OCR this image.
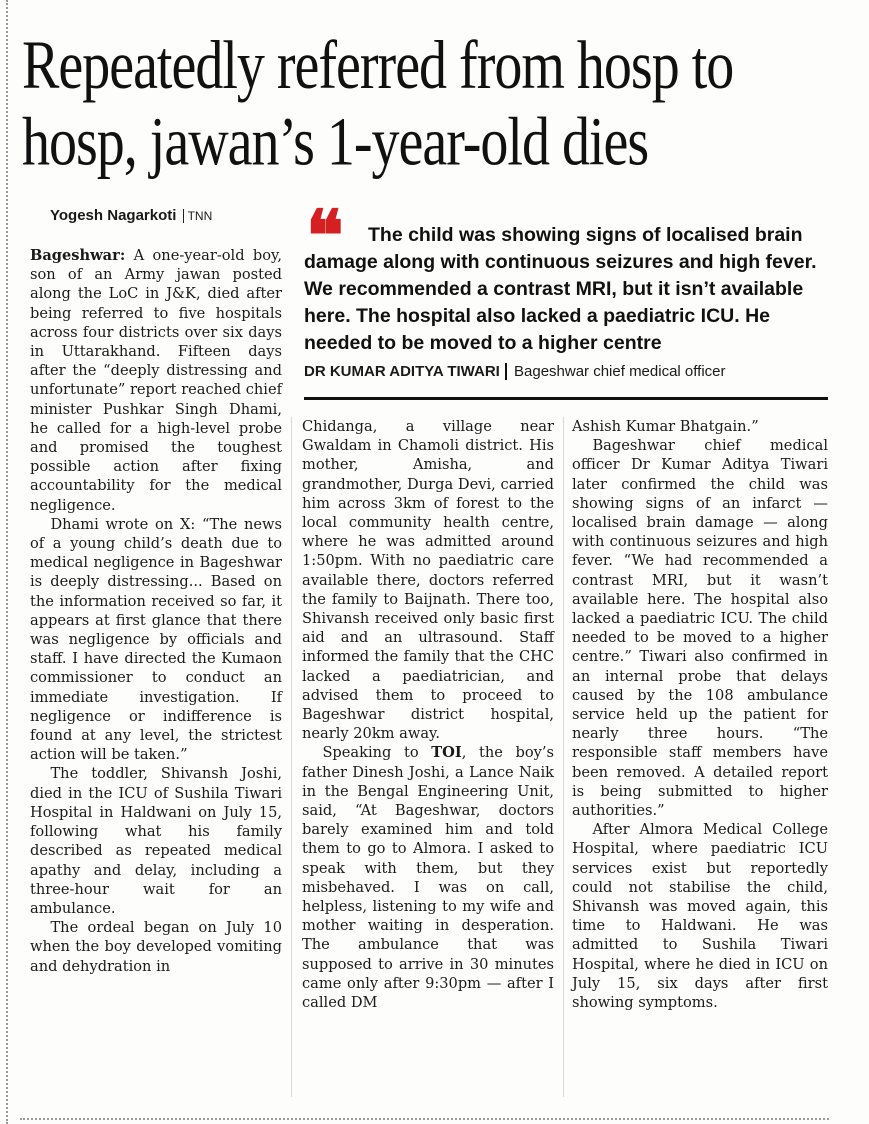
Repeatedly referred from hosp to hosp, jawan’s 1-year-old dies
Yogesh Nagarkoti TNN

Bageshwar: A one-year-old boy, son of an Army jawan posted along the LoC in J&K, died after being referred to five hospitals across four districts over six days in Uttarakhand. Fifteen days after the “deeply distressing and unfortunate” report reached chief minister Pushkar Singh Dhami, he called for a high-level probe and promised the toughest possible action after fixing accountability for the medical negligence.

Dhami wrote on X: “The news of a young child’s death due to medical negligence in Bageshwar is deeply distressing... Based on the information received so far, it appears at first glance that there was negligence by officials and staff. I have directed the Kumaon commissioner to conduct an immediate investigation. If negligence or indifference is found at any level, the strictest action will be taken.”

The toddler, Shivansh Joshi, died in the ICU of Sushila Tiwari Hospital in Haldwani on July 15, following what his family described as repeated medical apathy and delay, including a three-hour wait for an ambulance.

The ordeal began on July 10 when the boy developed vomiting and dehydration in

❝	The child was showing signs of localised brain damage along with continuous seizures and high fever. We recommended a contrast MRI, but it isn’t available here. The hospital also lacked a paediatric ICU. He needed to be moved to a higher centre

DR KUMAR ADITYA TIWARI Bageshwar chief medical officer

Chidanga, a village near Gwaldam in Chamoli district. His mother, Amisha, and grandmother, Durga Devi, carried him across 3km of forest to the local community health centre, where he was admitted around 1:50pm. With no paediatric care available there, doctors referred the family to Baijnath. There too, Shivansh received only basic first aid and an ultrasound. Staff informed the family that the CHC lacked a paediatrician, and advised them to proceed to Bageshwar district hospital, nearly 20km away.

Speaking to TOI, the boy’s father Dinesh Joshi, a Lance Naik in the Bengal Engineering Unit, said, “At Bageshwar, doctors barely examined him and told them to go to Almora. I asked to speak with them, but they misbehaved. I was on call, helpless, listening to my wife and mother waiting in desperation. The ambulance that was supposed to arrive in 30 minutes came only after 9:30pm — after I called DM

Ashish Kumar Bhatgain.”

Bageshwar chief medical officer Dr Kumar Aditya Tiwari later confirmed the child was showing signs of an infarct — localised brain damage — along with continuous seizures and high fever. “We had recommended a contrast MRI, but it wasn’t available here. The hospital also lacked a paediatric ICU. The child needed to be moved to a higher centre.” Tiwari also confirmed in an internal probe that delays caused by the 108 ambulance service held up the patient for nearly three hours. “The responsible staff members have been removed. A detailed report is being submitted to higher authorities.”

After Almora Medical College Hospital, where paediatric ICU services exist but reportedly could not stabilise the child, Shivansh was moved again, this time to Haldwani. He was admitted to Sushila Tiwari Hospital, where he died in ICU on July 15, six days after first showing symptoms.
